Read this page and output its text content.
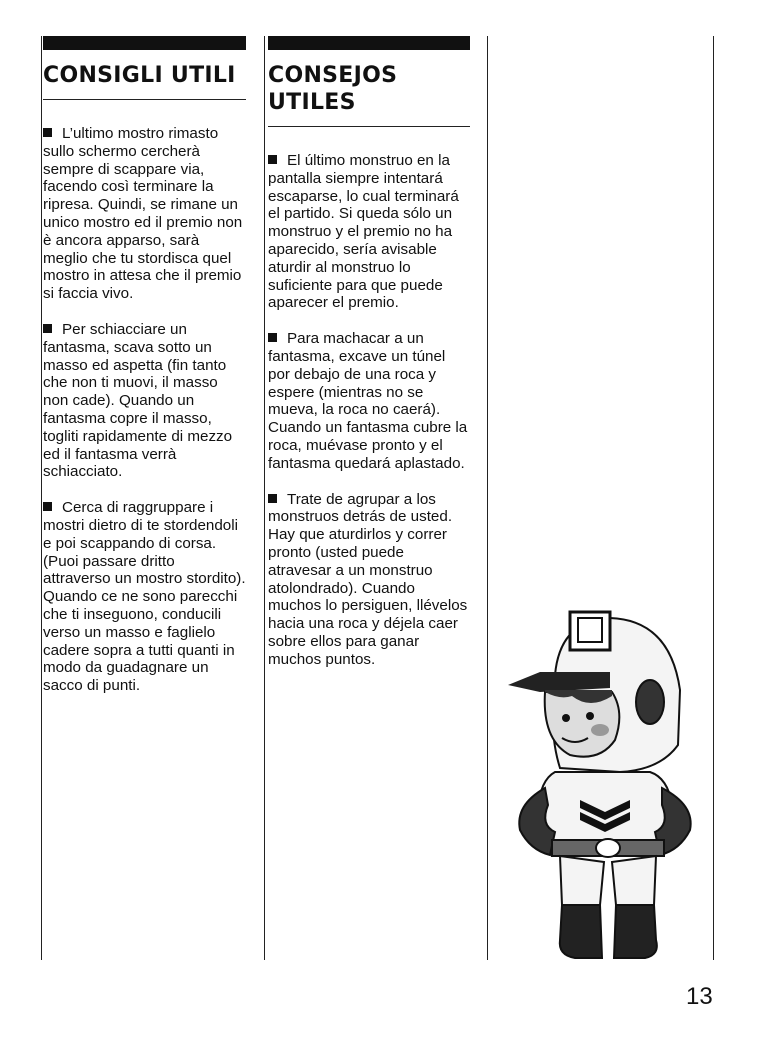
CONSIGLI UTILI

L’ultimo mostro rimasto sullo schermo cercherà sempre di scappare via, facendo così terminare la ripresa. Quindi, se rimane un unico mostro ed il premio non è ancora apparso, sarà meglio che tu stordisca quel mostro in attesa che il premio si faccia vivo.

Per schiacciare un fantasma, scava sotto un masso ed aspetta (fin tanto che non ti muovi, il masso non cade). Quando un fantasma copre il masso, togliti rapidamente di mezzo ed il fantasma verrà schiacciato.

Cerca di raggruppare i mostri dietro di te stordendoli e poi scappando di corsa. (Puoi passare dritto attraverso un mostro stordito). Quando ce ne sono parecchi che ti inseguono, conducili verso un masso e faglielo cadere sopra a tutti quanti in modo da guadagnare un sacco di punti.

CONSEJOS UTILES

El último monstruo en la pantalla siempre intentará escaparse, lo cual terminará el partido. Si queda sólo un monstruo y el premio no ha aparecido, sería avisable aturdir al monstruo lo suficiente para que puede aparecer el premio.

Para machacar a un fantasma, excave un túnel por debajo de una roca y espere (mientras no se mueva, la roca no caerá). Cuando un fantasma cubre la roca, muévase pronto y el fantasma quedará aplastado.

Trate de agrupar a los monstruos detrás de usted. Hay que aturdirlos y correr pronto (usted puede atravesar a un monstruo atolondrado). Cuando muchos lo persiguen, llévelos hacia una roca y déjela caer sobre ellos para ganar muchos puntos.

13
